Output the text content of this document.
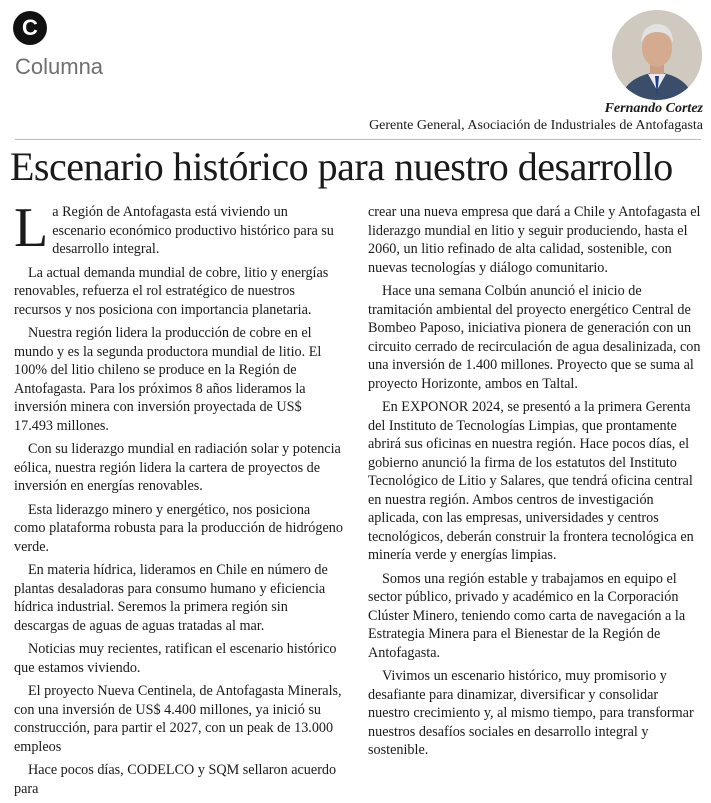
C
Columna
Fernando Cortez
Gerente General, Asociación de Industriales de Antofagasta
Escenario histórico para nuestro desarrollo

La Región de Antofagasta está viviendo un escenario económico productivo histórico para su desarrollo integral.

La actual demanda mundial de cobre, litio y energías renovables, refuerza el rol estratégico de nuestros recursos y nos posiciona con importancia planetaria.

Nuestra región lidera la producción de cobre en el mundo y es la segunda productora mundial de litio. El 100% del litio chileno se produce en la Región de Antofagasta. Para los próximos 8 años lideramos la inversión minera con inversión proyectada de US$ 17.493 millones.

Con su liderazgo mundial en radiación solar y potencia eólica, nuestra región lidera la cartera de proyectos de inversión en energías renovables.

Esta liderazgo minero y energético, nos posiciona como plataforma robusta para la producción de hidrógeno verde.

En materia hídrica, lideramos en Chile en número de plantas desaladoras para consumo humano y eficiencia hídrica industrial. Seremos la primera región sin descargas de aguas de aguas tratadas al mar.

Noticias muy recientes, ratifican el escenario histórico que estamos viviendo.

El proyecto Nueva Centinela, de Antofagasta Minerals, con una inversión de US$ 4.400 millones, ya inició su construcción, para partir el 2027, con un peak de 13.000 empleos

Hace pocos días, CODELCO y SQM sellaron acuerdo para

crear una nueva empresa que dará a Chile y Antofagasta el liderazgo mundial en litio y seguir produciendo, hasta el 2060, un litio refinado de alta calidad, sostenible, con nuevas tecnologías y diálogo comunitario.

Hace una semana Colbún anunció el inicio de tramitación ambiental del proyecto energético Central de Bombeo Paposo, iniciativa pionera de generación con un circuito cerrado de recirculación de agua desalinizada, con una inversión de 1.400 millones. Proyecto que se suma al proyecto Horizonte, ambos en Taltal.

En EXPONOR 2024, se presentó a la primera Gerenta del Instituto de Tecnologías Limpias, que prontamente abrirá sus oficinas en nuestra región. Hace pocos días, el gobierno anunció la firma de los estatutos del Instituto Tecnológico de Litio y Salares, que tendrá oficina central en nuestra región. Ambos centros de investigación aplicada, con las empresas, universidades y centros tecnológicos, deberán construir la frontera tecnológica en minería verde y energías limpias.

Somos una región estable y trabajamos en equipo el sector público, privado y académico en la Corporación Clúster Minero, teniendo como carta de navegación a la Estrategia Minera para el Bienestar de la Región de Antofagasta.

Vivimos un escenario histórico, muy promisorio y desafiante para dinamizar, diversificar y consolidar nuestro crecimiento y, al mismo tiempo, para transformar nuestros desafíos sociales en desarrollo integral y sostenible.
